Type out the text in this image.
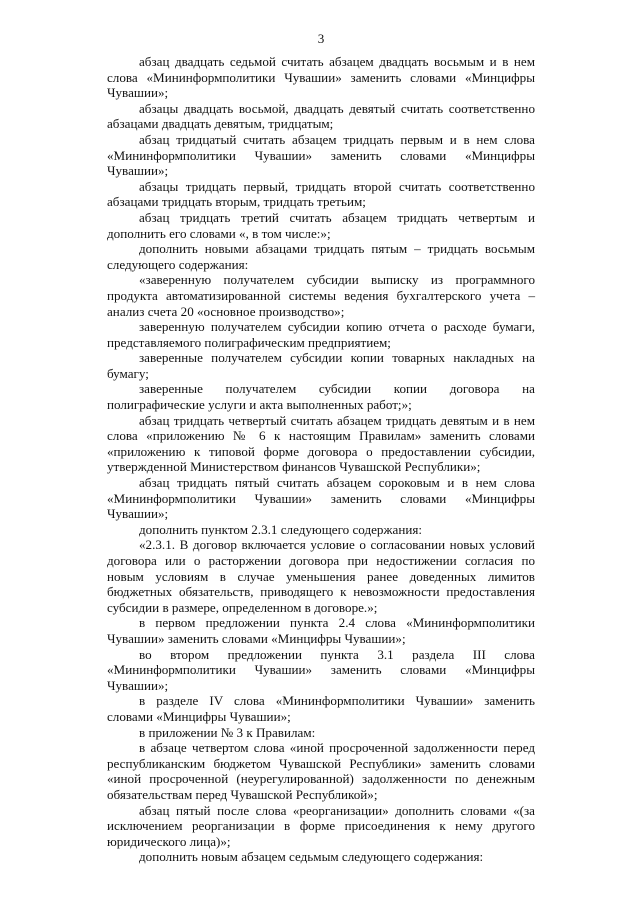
3

абзац двадцать седьмой считать абзацем двадцать восьмым и в нем слова «Мининформполитики Чувашии» заменить словами «Минцифры Чувашии»;

абзацы двадцать восьмой, двадцать девятый считать соответственно абзацами двадцать девятым, тридцатым;

абзац тридцатый считать абзацем тридцать первым и в нем слова «Мининформполитики Чувашии» заменить словами «Минцифры Чувашии»;

абзацы тридцать первый, тридцать второй считать соответственно абзацами тридцать вторым, тридцать третьим;

абзац тридцать третий считать абзацем тридцать четвертым и дополнить его словами «, в том числе:»;

дополнить новыми абзацами тридцать пятым – тридцать восьмым следующего содержания:

«заверенную получателем субсидии выписку из программного продукта автоматизированной системы ведения бухгалтерского учета – анализ счета 20 «основное производство»;

заверенную получателем субсидии копию отчета о расходе бумаги, представляемого полиграфическим предприятием;

заверенные получателем субсидии копии товарных накладных на бумагу;

заверенные получателем субсидии копии договора на полиграфические услуги и акта выполненных работ;»;

абзац тридцать четвертый считать абзацем тридцать девятым и в нем слова «приложению № 6 к настоящим Правилам» заменить словами «приложению к типовой форме договора о предоставлении субсидии, утвержденной Министерством финансов Чувашской Республики»;

абзац тридцать пятый считать абзацем сороковым и в нем слова «Мининформполитики Чувашии» заменить словами «Минцифры Чувашии»;

дополнить пунктом 2.3.1 следующего содержания:

«2.3.1. В договор включается условие о согласовании новых условий договора или о расторжении договора при недостижении согласия по новым условиям в случае уменьшения ранее доведенных лимитов бюджетных обязательств, приводящего к невозможности предоставления субсидии в размере, определенном в договоре.»;

в первом предложении пункта 2.4 слова «Мининформполитики Чувашии» заменить словами «Минцифры Чувашии»;

во втором предложении пункта 3.1 раздела III слова «Мининформполитики Чувашии» заменить словами «Минцифры Чувашии»;

в разделе IV слова «Мининформполитики Чувашии» заменить словами «Минцифры Чувашии»;

в приложении № 3 к Правилам:

в абзаце четвертом слова «иной просроченной задолженности перед республиканским бюджетом Чувашской Республики» заменить словами «иной просроченной (неурегулированной) задолженности по денежным обязательствам перед Чувашской Республикой»;

абзац пятый после слова «реорганизации» дополнить словами «(за исключением реорганизации в форме присоединения к нему другого юридического лица)»;

дополнить новым абзацем седьмым следующего содержания:
